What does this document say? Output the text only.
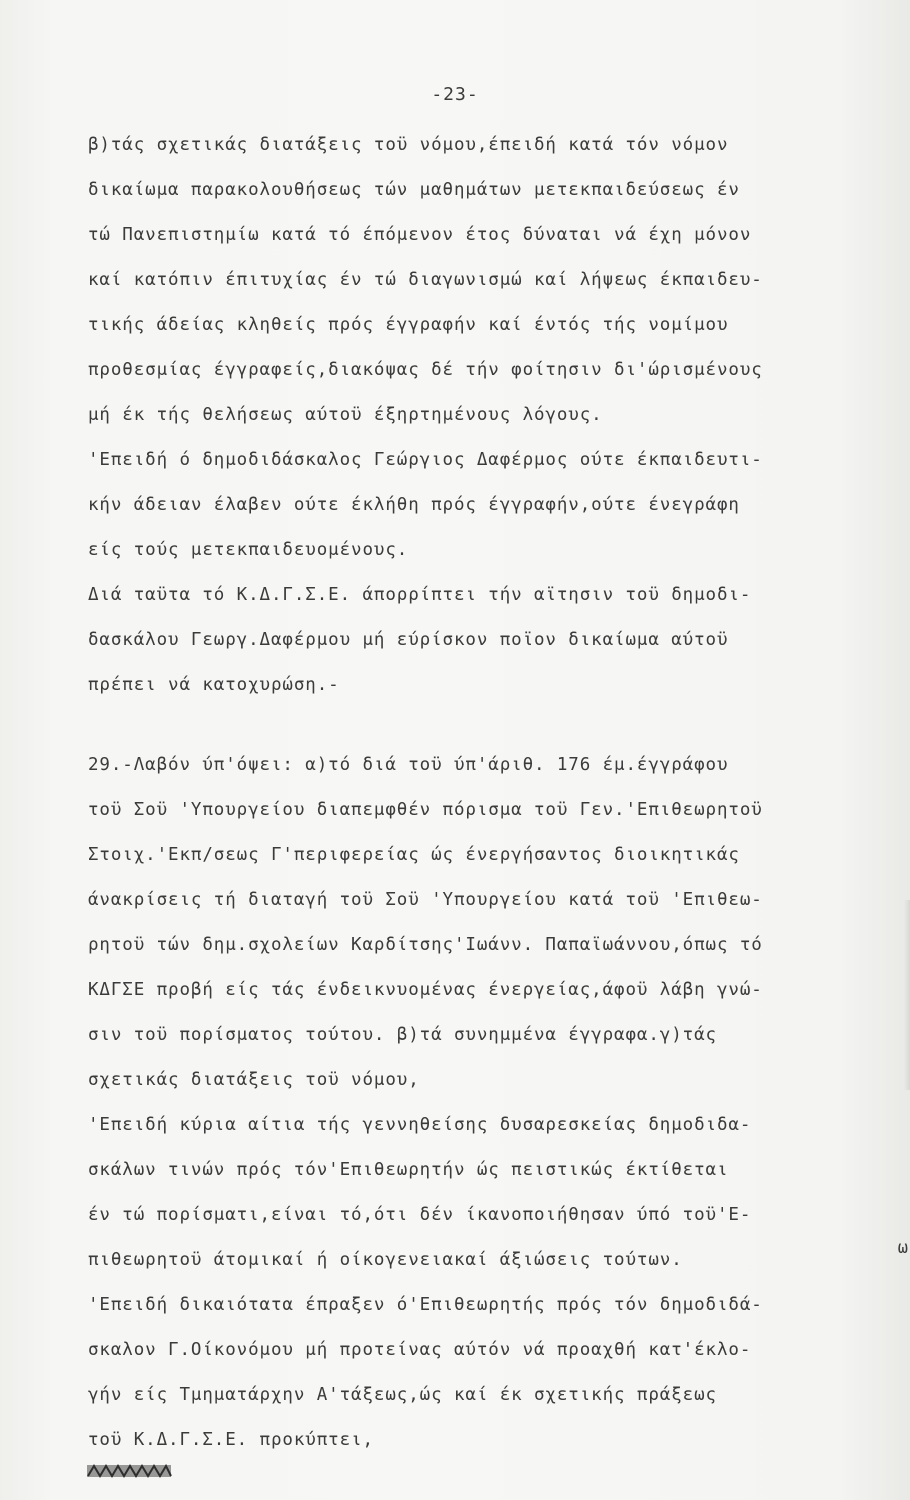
-23-
β)τάς σχετικάς διατάξεις τοϋ νόμου,έπειδή κατά τόν νόμον
δικαίωμα παρακολουθήσεως τών μαθημάτων μετεκπαιδεύσεως έν
τώ Πανεπιστημίω κατά τό έπόμενον έτος δύναται νά έχη μόνον
καί κατόπιν έπιτυχίας έν τώ διαγωνισμώ καί λήψεως έκπαιδευ-
τικής άδείας κληθείς πρός έγγραφήν καί έντός τής νομίμου
προθεσμίας έγγραφείς,διακόψας δέ τήν φοίτησιν δι'ώρισμένους
μή έκ τής θελήσεως αύτοϋ έξηρτημένους λόγους.
'Επειδή ό δημοδιδάσκαλος Γεώργιος Δαφέρμος ούτε έκπαιδευτι-
κήν άδειαν έλαβεν ούτε έκλήθη πρός έγγραφήν,ούτε ένεγράφη
είς τούς μετεκπαιδευομένους.
Διά ταϋτα τό Κ.Δ.Γ.Σ.Ε. άπορρίπτει τήν αϊτησιν τοϋ δημοδι-
δασκάλου Γεωργ.Δαφέρμου μή εύρίσκον ποϊον δικαίωμα αύτοϋ
πρέπει νά κατοχυρώση.-
29.-Λαβόν ύπ'όψει: α)τό διά τοϋ ύπ'άριθ. 176 έμ.έγγράφου
τοϋ Σοϋ 'Υπουργείου διαπεμφθέν πόρισμα τοϋ Γεν.'Επιθεωρητοϋ
Στοιχ.'Εκπ/σεως Γ'περιφερείας ώς ένεργήσαντος διοικητικάς
άνακρίσεις τή διαταγή τοϋ Σοϋ 'Υπουργείου κατά τοϋ 'Επιθεω-
ρητοϋ τών δημ.σχολείων Καρδίτσης'Ιωάνν. Παπαϊωάννου,όπως τό
ΚΔΓΣΕ προβή είς τάς ένδεικνυομένας ένεργείας,άφοϋ λάβη γνώ-
σιν τοϋ πορίσματος τούτου. β)τά συνημμένα έγγραφα.γ)τάς
σχετικάς διατάξεις τοϋ νόμου,
'Επειδή κύρια αίτια τής γεννηθείσης δυσαρεσκείας δημοδιδα-
σκάλων τινών πρός τόν'Επιθεωρητήν ώς πειστικώς έκτίθεται
έν τώ πορίσματι,είναι τό,ότι δέν ίκανοποιήθησαν ύπό τοϋ'Ε-
πιθεωρητοϋ άτομικαί ή οίκογενειακαί άξιώσεις τούτων.
'Επειδή δικαιότατα έπραξεν ό'Επιθεωρητής πρός τόν δημοδιδά-
σκαλον Γ.Οίκονόμου μή προτείνας αύτόν νά προαχθή κατ'έκλο-
γήν είς Τμηματάρχην Α'τάξεως,ώς καί έκ σχετικής πράξεως
τοϋ Κ.Δ.Γ.Σ.Ε. προκύπτει,
ω
